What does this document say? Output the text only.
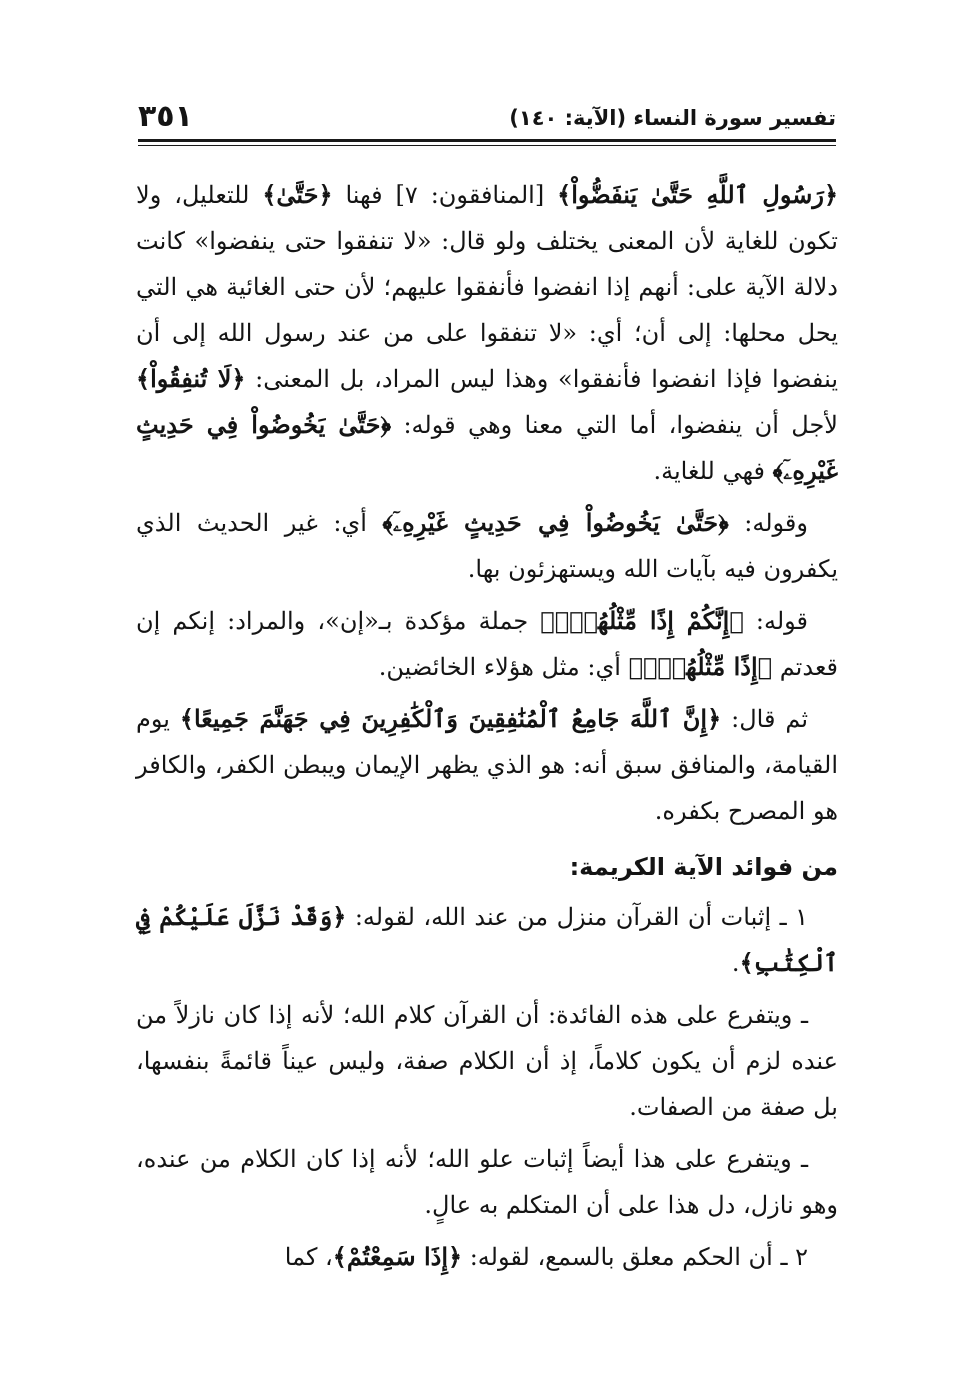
تفسير سورة النساء (الآية: ١٤٠)
٣٥١

﴿رَسُولِ ٱللَّهِ حَتَّىٰ يَنفَضُّواْ﴾ [المنافقون: ٧] فهنا ﴿حَتَّىٰ﴾ للتعليل، ولا تكون للغاية لأن المعنى يختلف ولو قال: «لا تنفقوا حتى ينفضوا» كانت دلالة الآية على: أنهم إذا انفضوا فأنفقوا عليهم؛ لأن حتى الغائية هي التي يحل محلها: إلى أن؛ أي: «لا تنفقوا على من عند رسول الله إلى أن ينفضوا فإذا انفضوا فأنفقوا» وهذا ليس المراد، بل المعنى: ﴿لَا تُنفِقُواْ﴾ لأجل أن ينفضوا، أما التي معنا وهي قوله: ﴿حَتَّىٰ يَخُوضُواْ فِي حَدِيثٍ غَيْرِهِۦٓ﴾ فهي للغاية.

وقوله: ﴿حَتَّىٰ يَخُوضُواْ فِي حَدِيثٍ غَيْرِهِۦٓ﴾ أي: غير الحديث الذي يكفرون فيه بآيات الله ويستهزئون بها.

قوله: ﴿إِنَّكُمْ إِذًا مِّثْلُهُمْۗ﴾ جملة مؤكدة بـ«إن»، والمراد: إنكم إن قعدتم ﴿إِذًا مِّثْلُهُمْۗ﴾ أي: مثل هؤلاء الخائضين.

ثم قال: ﴿إِنَّ ٱللَّهَ جَامِعُ ٱلْمُنَٰفِقِينَ وَٱلْكَٰفِرِينَ فِي جَهَنَّمَ جَمِيعًا﴾ يوم القيامة، والمنافق سبق أنه: هو الذي يظهر الإيمان ويبطن الكفر، والكافر هو المصرح بكفره.

من فوائد الآية الكريمة:

١ ـ إثبات أن القرآن منزل من عند الله، لقوله: ﴿وَقَدْ نَزَّلَ عَلَيْكُمْ فِي ٱلْكِتَٰبِ﴾.

ـ ويتفرع على هذه الفائدة: أن القرآن كلام الله؛ لأنه إذا كان نازلاً من عنده لزم أن يكون كلاماً، إذ أن الكلام صفة، وليس عيناً قائمةً بنفسها، بل صفة من الصفات.

ـ ويتفرع على هذا أيضاً إثبات علو الله؛ لأنه إذا كان الكلام من عنده، وهو نازل، دل هذا على أن المتكلم به عالٍ.

٢ ـ أن الحكم معلق بالسمع، لقوله: ﴿إِذَا سَمِعْتُمْ﴾، كما
